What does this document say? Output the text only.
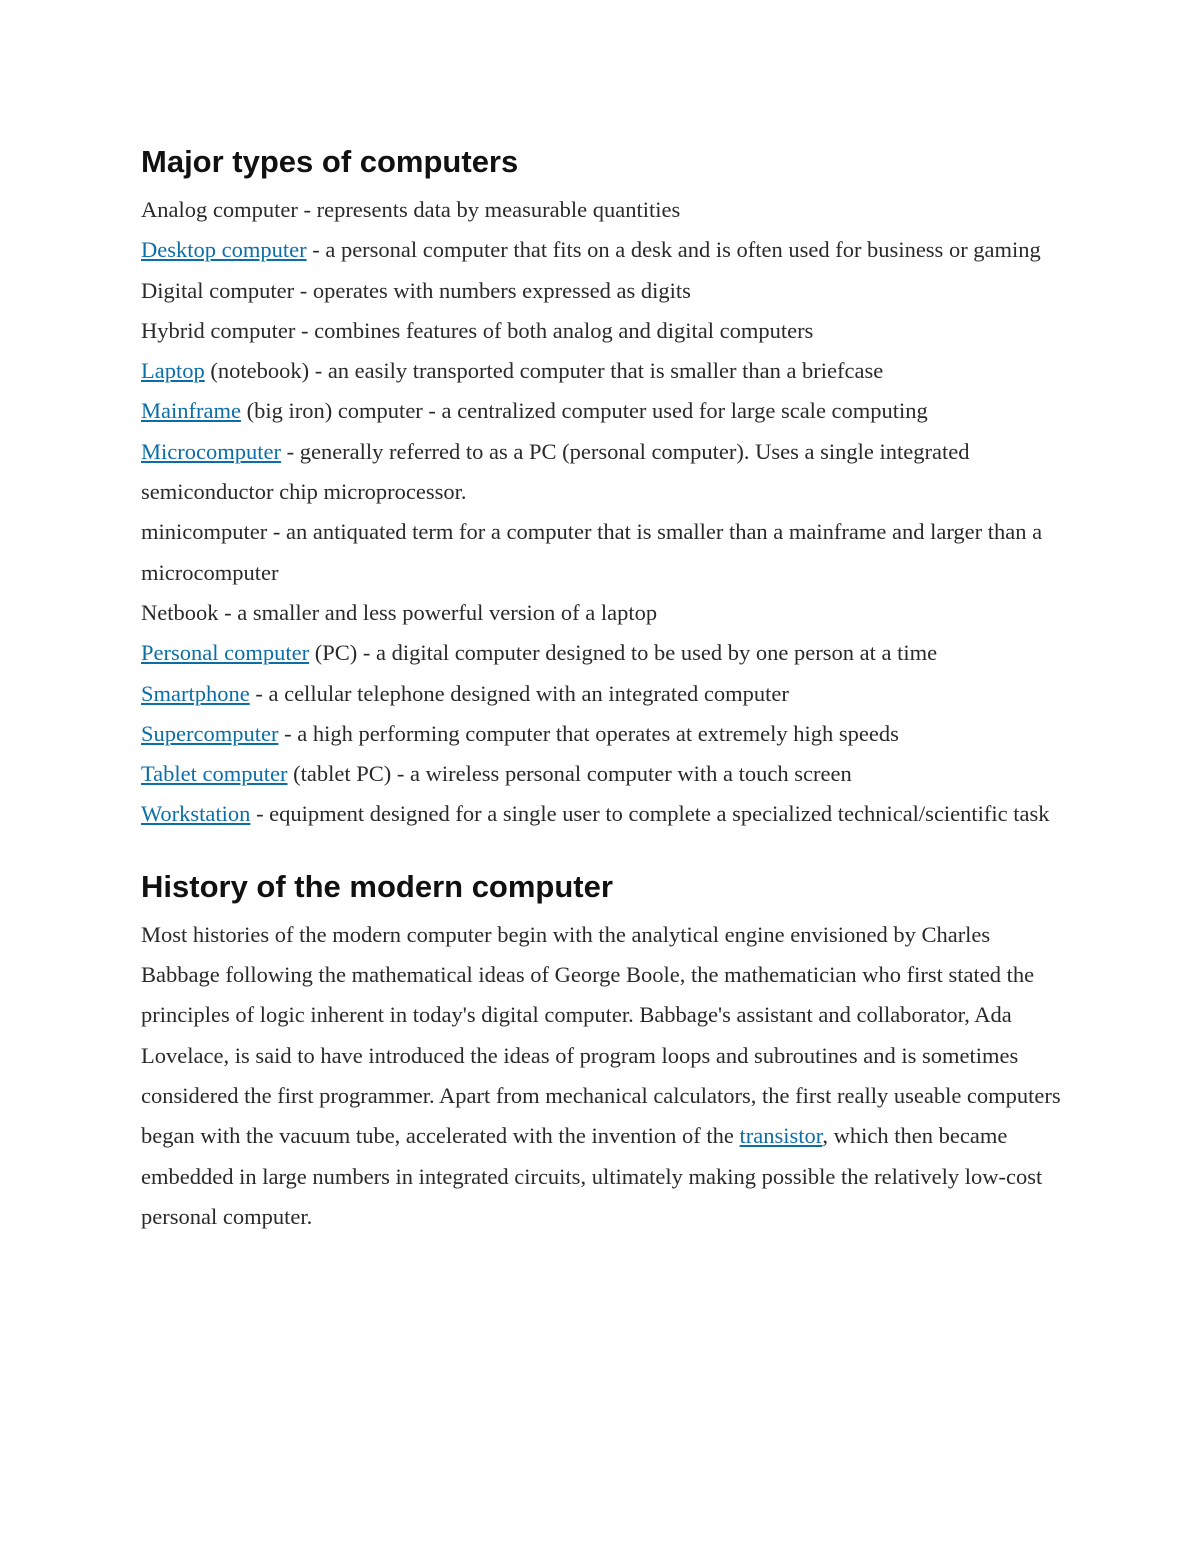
Major types of computers

Analog computer - represents data by measurable quantities

Desktop computer - a personal computer that fits on a desk and is often used for business or gaming

Digital computer - operates with numbers expressed as digits

Hybrid computer - combines features of both analog and digital computers

Laptop (notebook) - an easily transported computer that is smaller than a briefcase

Mainframe (big iron) computer - a centralized computer used for large scale computing

Microcomputer - generally referred to as a PC (personal computer). Uses a single integrated semiconductor chip microprocessor.

minicomputer - an antiquated term for a computer that is smaller than a mainframe and larger than a microcomputer

Netbook - a smaller and less powerful version of a laptop

Personal computer (PC) - a digital computer designed to be used by one person at a time

Smartphone - a cellular telephone designed with an integrated computer

Supercomputer - a high performing computer that operates at extremely high speeds

Tablet computer (tablet PC) - a wireless personal computer with a touch screen

Workstation - equipment designed for a single user to complete a specialized technical/scientific task

History of the modern computer

Most histories of the modern computer begin with the analytical engine envisioned by Charles Babbage following the mathematical ideas of George Boole, the mathematician who first stated the principles of logic inherent in today's digital computer. Babbage's assistant and collaborator, Ada Lovelace, is said to have introduced the ideas of program loops and subroutines and is sometimes considered the first programmer. Apart from mechanical calculators, the first really useable computers began with the vacuum tube, accelerated with the invention of the transistor, which then became embedded in large numbers in integrated circuits, ultimately making possible the relatively low-cost personal computer.
